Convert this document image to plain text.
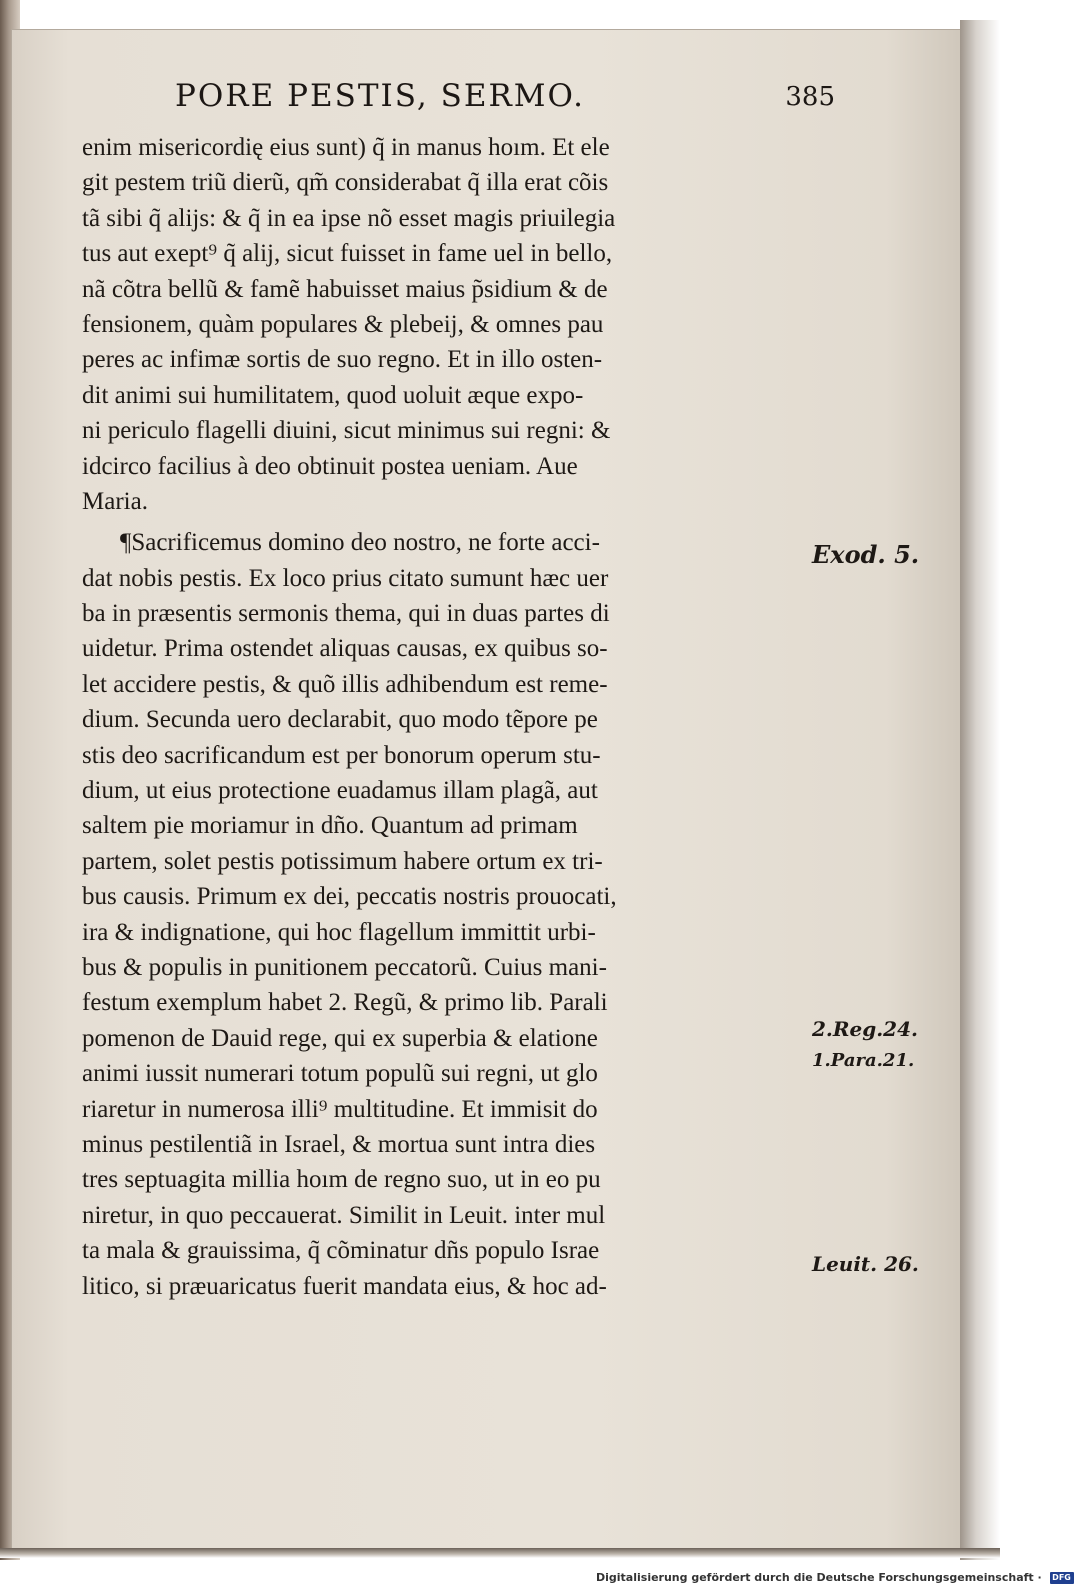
PORE PESTIS, SERMO.	385
enim misericordię eius sunt) q̃ in manus hoım. Et ele
git pestem triũ dierũ, qm̃ considerabat q̃ illa erat cõis
tã sibi q̃ alijs: & q̃ in ea ipse nõ esset magis priuilegia
tus aut exept⁹ q̃ alij, sicut fuisset in fame uel in bello,
nã cõtra bellũ & famẽ habuisset maius p̃sidium & de
fensionem, quàm populares & plebeij, & omnes pau
peres ac infimæ sortis de suo regno. Et in illo osten-
dit animi sui humilitatem, quod uoluit æque expo-
ni periculo flagelli diuini, sicut minimus sui regni: &
idcirco facilius à deo obtinuit postea ueniam. Aue
Maria.
¶Sacrificemus domino deo nostro, ne forte acci-
dat nobis pestis. Ex loco prius citato sumunt hæc uer
ba in præsentis sermonis thema, qui in duas partes di
uidetur. Prima ostendet aliquas causas, ex quibus so-
let accidere pestis, & quõ illis adhibendum est reme-
dium. Secunda uero declarabit, quo modo tẽpore pe
stis deo sacrificandum est per bonorum operum stu-
dium, ut eius protectione euadamus illam plagã, aut
saltem pie moriamur in dño. Quantum ad primam
partem, solet pestis potissimum habere ortum ex tri-
bus causis. Primum ex dei, peccatis nostris prouocati,
ira & indignatione, qui hoc flagellum immittit urbi-
bus & populis in punitionem peccatorũ. Cuius mani-
festum exemplum habet 2. Regũ, & primo lib. Parali
pomenon de Dauid rege, qui ex superbia & elatione
animi iussit numerari totum populũ sui regni, ut glo
riaretur in numerosa illi⁹ multitudine. Et immisit do
minus pestilentiã in Israel, & mortua sunt intra dies
tres septuagita millia hoım de regno suo, ut in eo pu
niretur, in quo peccauerat. Similit in Leuit. inter mul
ta mala & grauissima, q̃ cõminatur dñs populo Israe
litico, si præuaricatus fuerit mandata eius, & hoc ad-
Exod. 5.
2.Reg.24.
1.Para.21.
Leuit. 26.
Digitalisierung gefördert durch die Deutsche Forschungsgemeinschaft · DFG
